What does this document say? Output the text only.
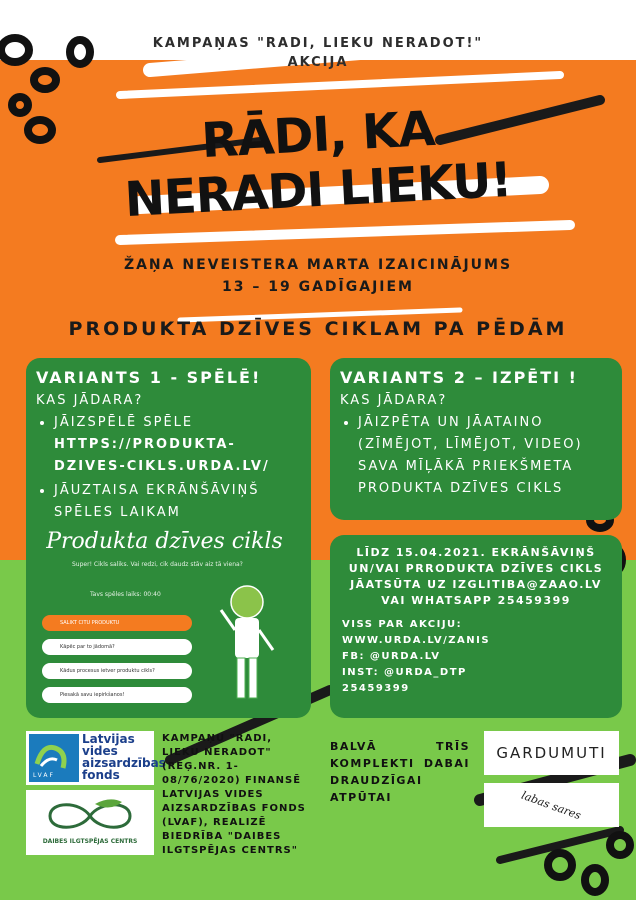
KAMPAŅAS "RADI, LIEKU NERADOT!"
AKCIJA
RĀDI, KA
NERADI LIEKU!
ŽAŅA NEVEISTERA MARTA IZAICINĀJUMS
13 – 19 GADĪGAJIEM
PRODUKTA DZĪVES CIKLAM PA PĒDĀM
VARIANTS 1 - SPĒLĒ!
KAS JĀDARA?
• JĀIZSPĒLĒ SPĒLE
HTTPS://PRODUKTA-DZIVES-CIKLS.URDA.LV/
• JĀUZTAISA EKRĀNŠĀVIŅŠ SPĒLES LAIKAM
Produkta dzīves cikls
Super! Cikls saliks. Vai redzi, cik daudz stāv aiz tā viena?
Tavs spēles laiks: 00:40
SALIKT CITU PRODUKTU
Kāpēc par to jādomā?
Kādus procesus ietver produktu cikls?
Piesakā savu iepirkšanos!
VARIANTS 2 – IZPĒTI !
KAS JĀDARA?
• JĀIZPĒTA UN JĀATAINO (ZĪMĒJOT, LĪMĒJOT, VIDEO) SAVA MĪĻĀKĀ PRIEKŠMETA PRODUKTA DZĪVES CIKLS
LĪDZ 15.04.2021. EKRĀNŠĀVIŅŠ UN/VAI PRRODUKTA DZĪVES CIKLS JĀATSŪTA UZ IZGLITIBA@ZAAO.LV VAI WHATSAPP 25459399
VISS PAR AKCIJU: WWW.URDA.LV/ZANIS
FB: @URDA.LV
INST: @URDA_DTP
25459399
LVAF
Latvijas
vides
aizsardzības
fonds
DAIBES ILGTSPĒJAS CENTRS
KAMPAŅU "RADI, LIEKU NERADOT" (REĢ.NR. 1-08/76/2020) FINANSĒ LATVIJAS VIDES AIZSARDZĪBAS FONDS (LVAF), REALIZĒ BIEDRĪBA "DAIBES ILGTSPĒJAS CENTRS"
BALVĀ TRĪS KOMPLEKTI DABAI DRAUDZĪGAI ATPŪTAI
GARDUMUTI
labas sares
